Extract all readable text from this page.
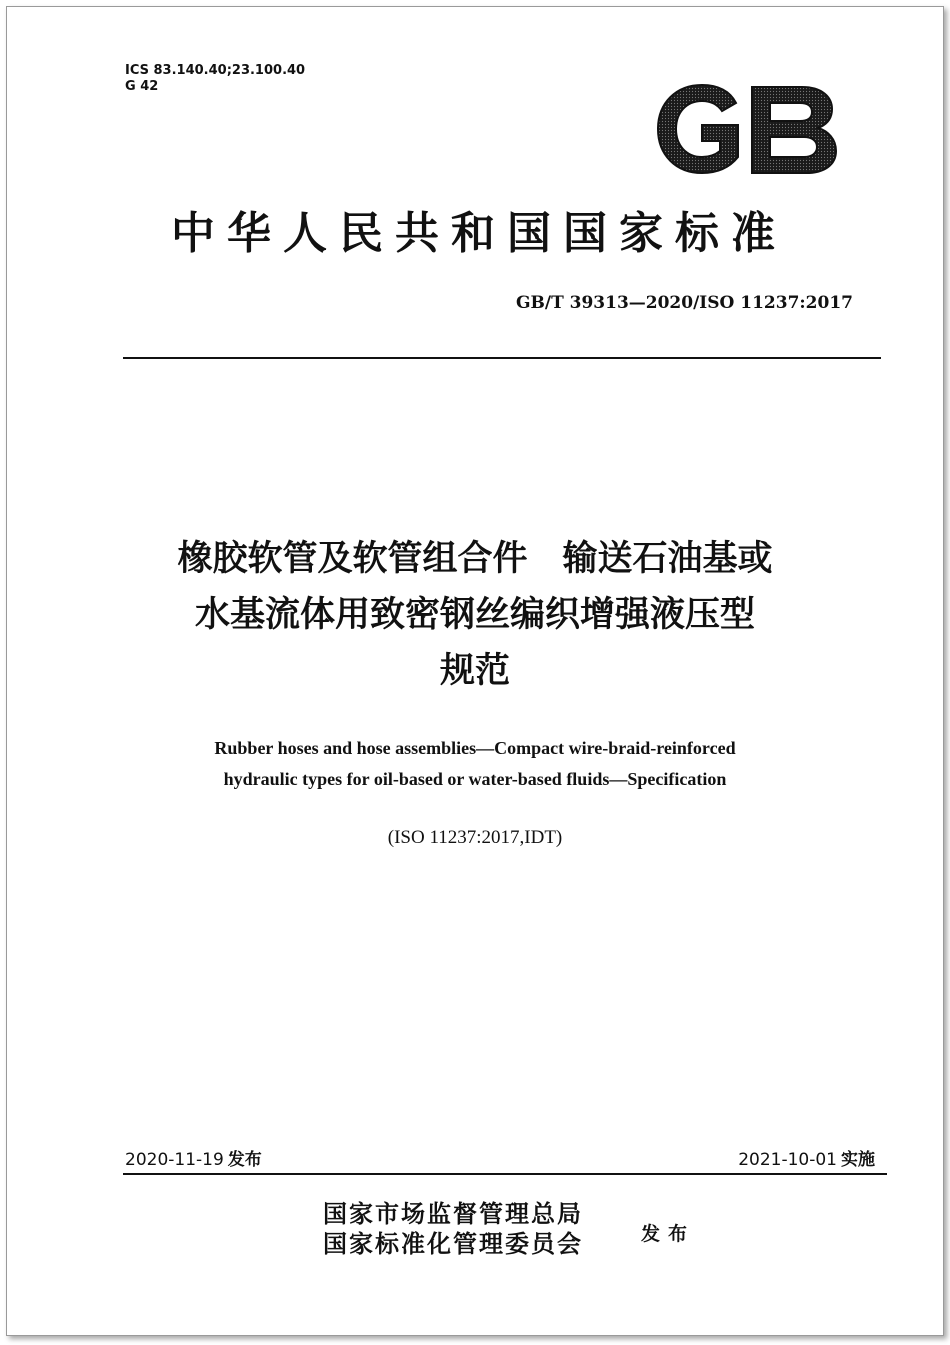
ICS 83.140.40;23.100.40
G 42
中华人民共和国国家标准
GB/T 39313—2020/ISO 11237:2017
橡胶软管及软管组合件　输送石油基或
水基流体用致密钢丝编织增强液压型
规范
Rubber hoses and hose assemblies—Compact wire-braid-reinforced
hydraulic types for oil-based or water-based fluids—Specification
(ISO 11237:2017,IDT)
2020-11-19 发布	2021-10-01 实施
国家市场监督管理总局
国家标准化管理委员会	发布
